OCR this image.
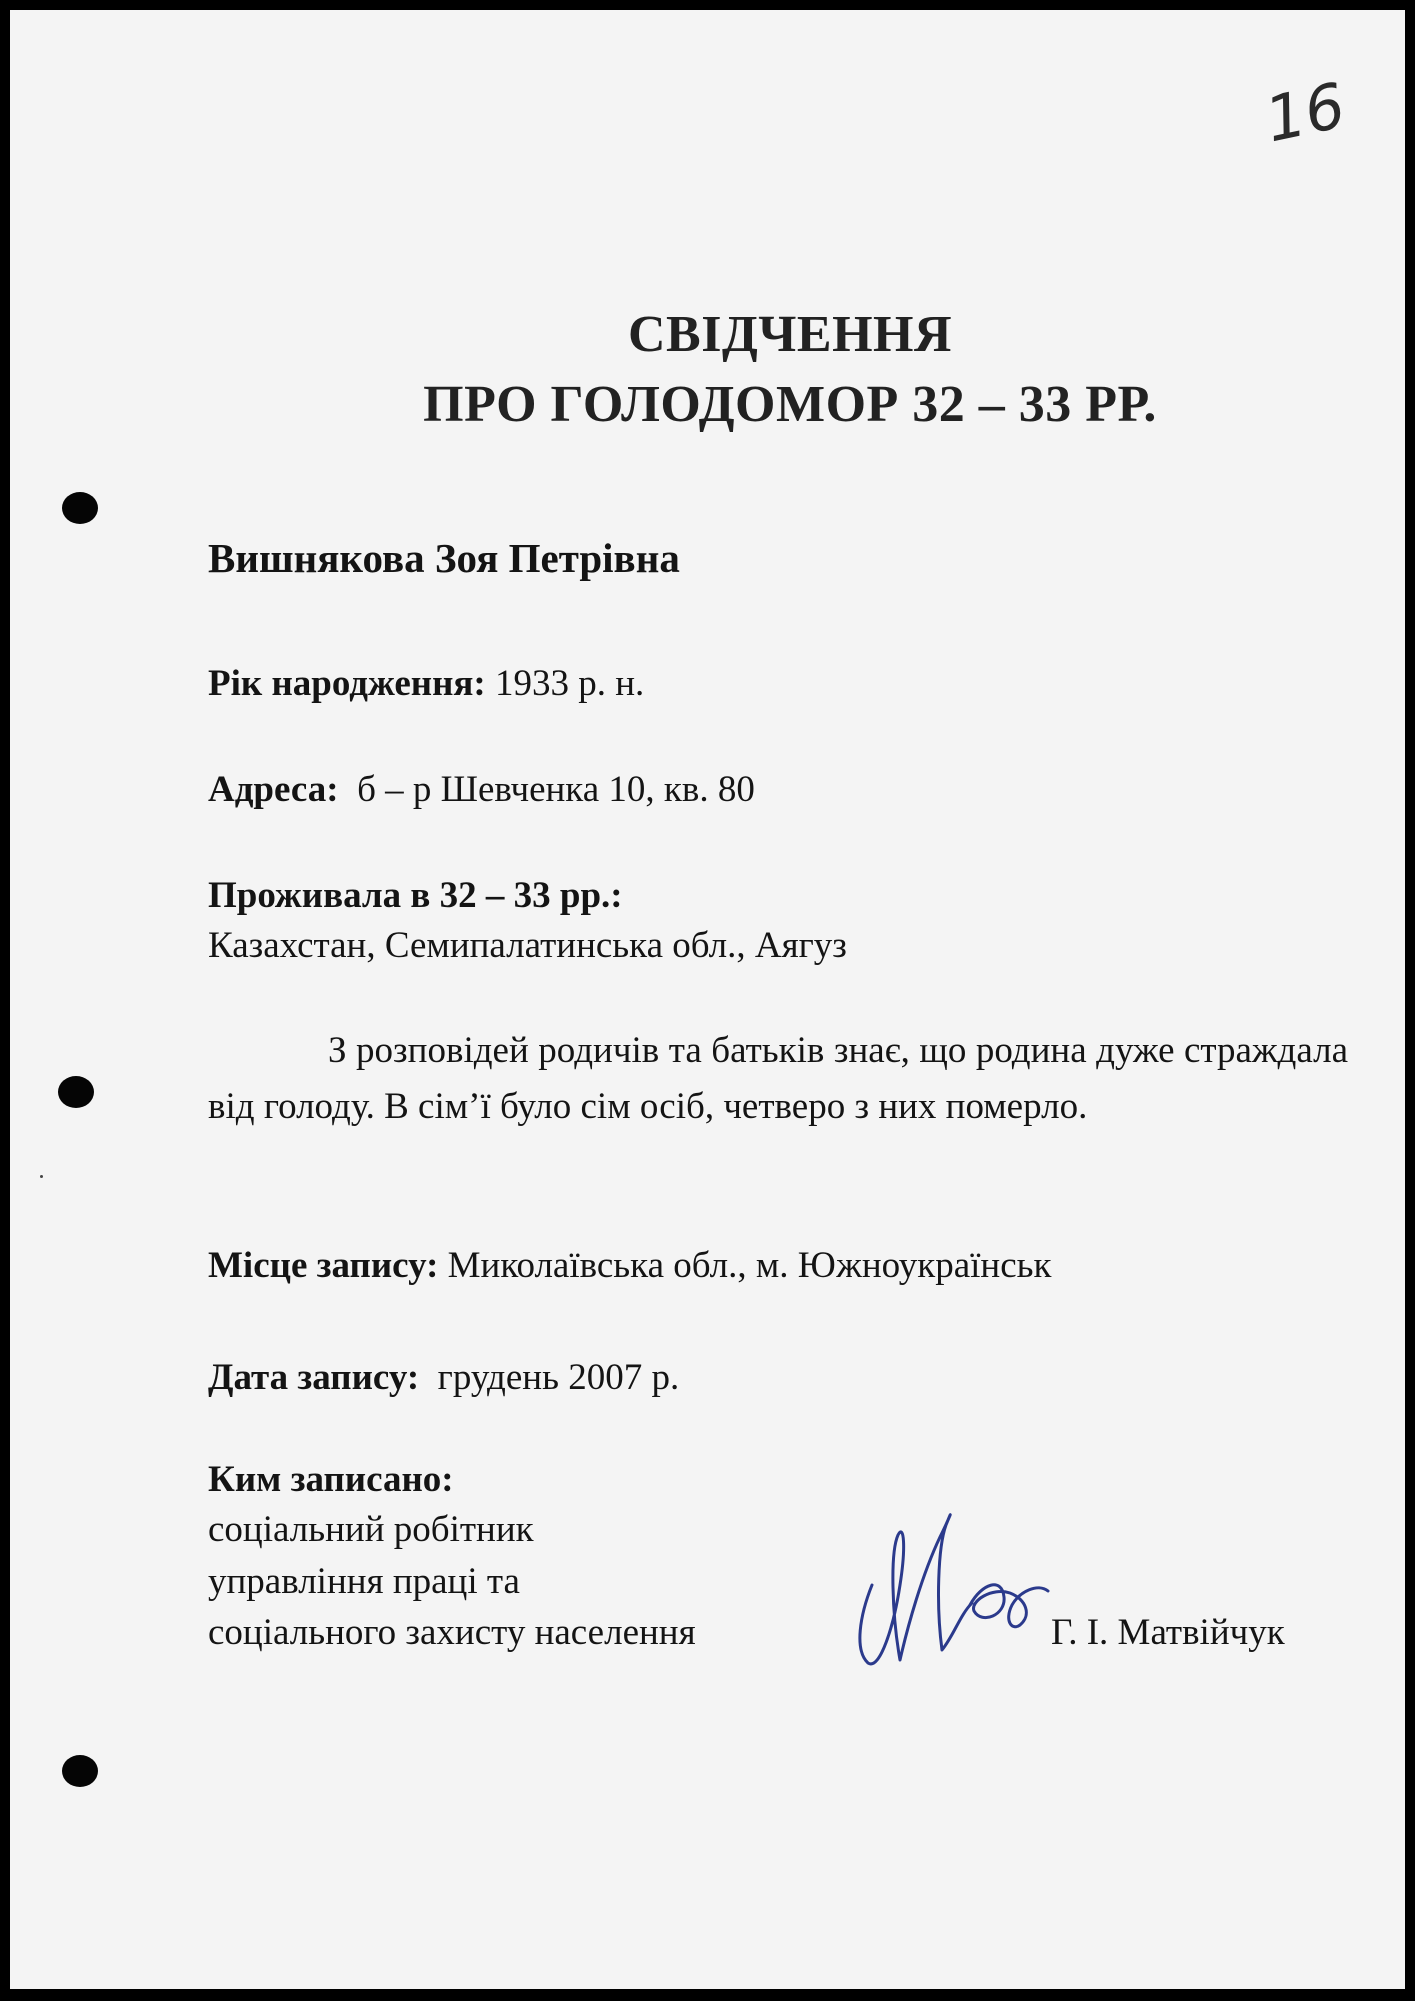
16
СВІДЧЕННЯ
ПРО ГОЛОДОМОР 32 – 33 РР.
Вишнякова Зоя Петрівна
Рік народження: 1933 р. н.
Адреса: б – р Шевченка 10, кв. 80
Проживала в 32 – 33 рр.:
Казахстан, Семипалатинська обл., Аягуз
З розповідей родичів та батьків знає, що родина дуже страждала від голоду. В сім’ї було сім осіб, четверо з них померло.
Місце запису: Миколаївська обл., м. Южноукраїнськ
Дата запису: грудень 2007 р.
Ким записано:
соціальний робітник
управління праці та
соціального захисту населення	Г. І. Матвійчук
